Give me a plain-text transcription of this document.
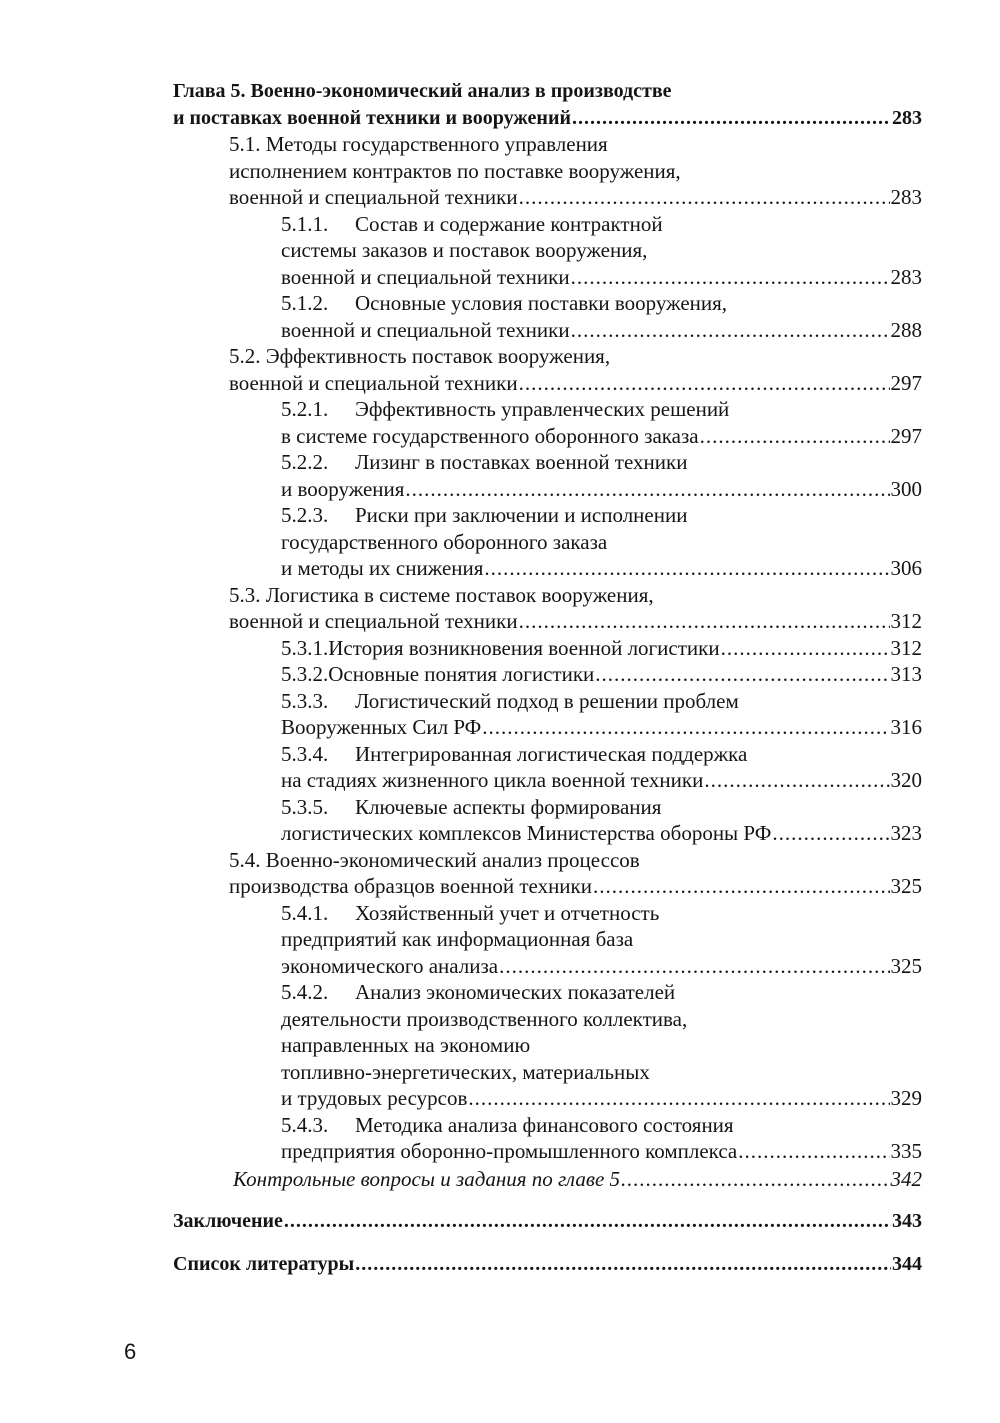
Глава 5. Военно-экономический анализ в производстве
и поставках военной техники и вооружений .....	283
5.1. Методы государственного управления
исполнением контрактов по поставке вооружения,
военной и специальной техники .....	283
5.1.1. Состав и содержание контрактной
системы заказов и поставок вооружения,
военной и специальной техники .....	283
5.1.2. Основные условия поставки вооружения,
военной и специальной техники .....	288
5.2. Эффективность поставок вооружения,
военной и специальной техники .....	297
5.2.1. Эффективность управленческих решений
в системе государственного оборонного заказа .....	297
5.2.2. Лизинг в поставках военной техники
и вооружения .....	300
5.2.3. Риски при заключении и исполнении
государственного оборонного заказа
и методы их снижения .....	306
5.3. Логистика в системе поставок вооружения,
военной и специальной техники .....	312
5.3.1. История возникновения военной логистики .....	312
5.3.2. Основные понятия логистики .....	313
5.3.3. Логистический подход в решении проблем
Вооруженных Сил РФ .....	316
5.3.4. Интегрированная логистическая поддержка
на стадиях жизненного цикла военной техники .....	320
5.3.5. Ключевые аспекты формирования
логистических комплексов Министерства обороны РФ .....	323
5.4. Военно-экономический анализ процессов
производства образцов военной техники .....	325
5.4.1. Хозяйственный учет и отчетность
предприятий как информационная база
экономического анализа .....	325
5.4.2. Анализ экономических показателей
деятельности производственного коллектива,
направленных на экономию
топливно-энергетических, материальных
и трудовых ресурсов .....	329
5.4.3. Методика анализа финансового состояния
предприятия оборонно-промышленного комплекса .....	335
Контрольные вопросы и задания по главе 5 .....	342
Заключение .....	343
Список литературы .....	344
6
